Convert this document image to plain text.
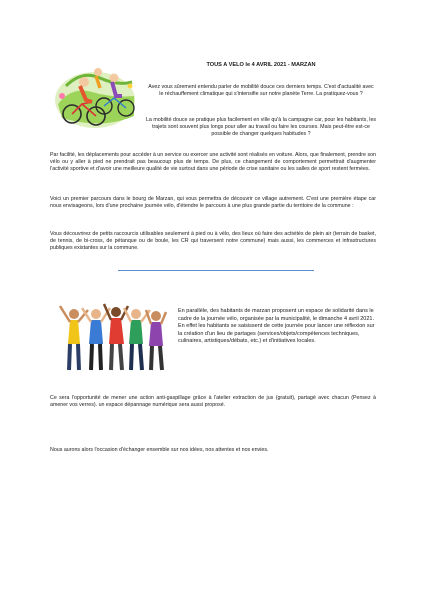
TOUS A VELO le 4 AVRIL 2021 - MARZAN

Avez vous sûrement entendu parler de mobilité douce ces derniers temps. C'est d'actualité avec le réchauffement climatique qui s'intensifie sur notre planète Terre. La pratiquez-vous ?

La mobilité douce se pratique plus facilement en ville qu'à la campagne car, pour les habitants, les trajets sont souvent plus longs pour aller au travail ou faire les courses. Mais peut-être est-ce possible de changer quelques habitudes ?

Par facilité, les déplacements pour accéder à un service ou exercer une activité sont réalisés en voiture. Alors, que finalement, prendre son vélo ou y aller à pied ne prendrait pas beaucoup plus de temps. De plus, ce changement de comportement permettrait d'augmenter l'activité sportive et d'avoir une meilleure qualité de vie surtout dans une période de crise sanitaire ou les salles de sport restent fermées.

Voici un premier parcours dans le bourg de Marzan, qui vous permettra de découvrir ce village autrement. C'est une première étape car nous envisageons, lors d'une prochaine journée vélo, d'étendre le parcours à une plus grande partie du territoire de la commune :

Vous découvrirez de petits raccourcis utilisables seulement à pied ou à vélo, des lieux où faire des activités de plein air (terrain de basket, de tennis, de bi-cross, de pétanque ou de boule, les CR qui traversent notre commune) mais aussi, les commerces et infrastructures publiques existantes sur la commune.

En parallèle, des habitants de marzan proposent un espace de solidarité dans le cadre de la journée vélo, organisée par la municipalité, le dimanche 4 avril 2021. En effet les habitants se saisissent de cette journée pour lancer une réflexion sur la création d'un lieu de partages (services/objets/compétences techniques, culinaires, artistiques/débats, etc.) et d'initiatives locales.

Ce sera l'opportunité de mener une action anti-gaspillage grâce à l'atelier extraction de jus (gratuit), partagé avec chacun (Pensez à amener vos verres). un espace dépannage numérique sera aussi proposé.

Nous aurons alors l'occasion d'échanger ensemble sur nos idées, nos attentes et nos envies.
